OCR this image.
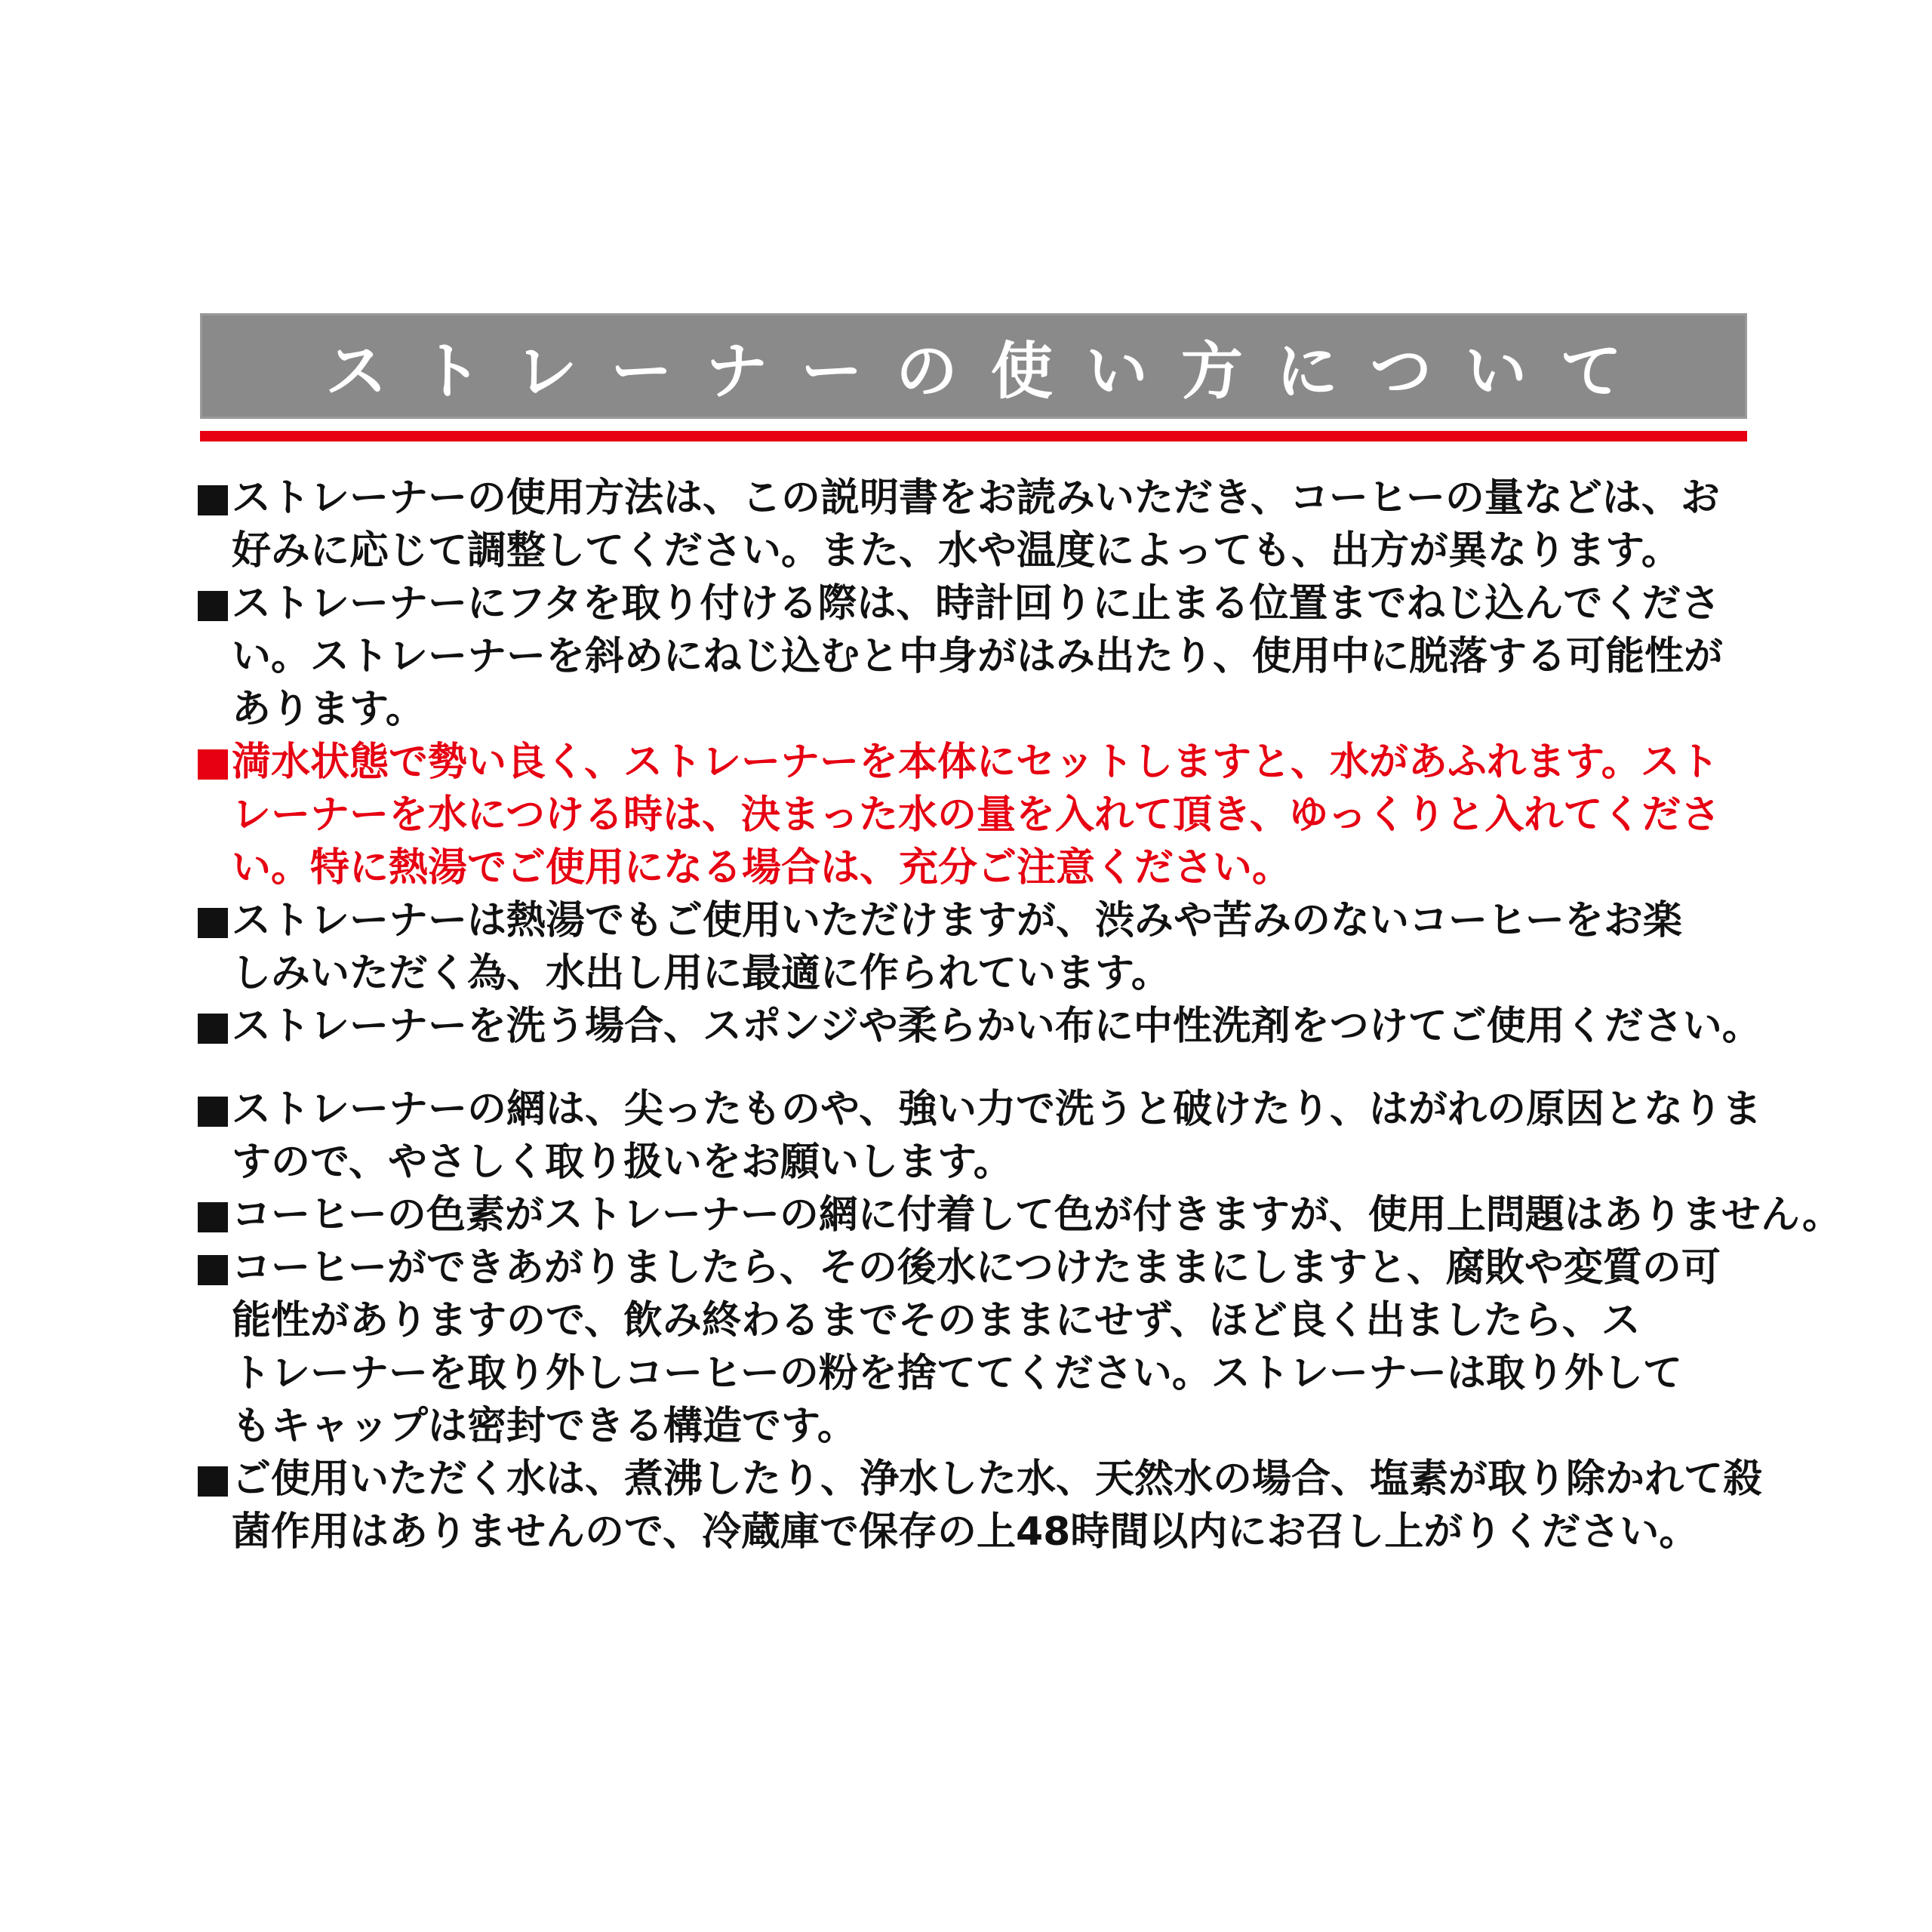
ストレーナーの使い方について
ストレーナーの使用方法は、この説明書をお読みいただき、コーヒーの量などは、お
好みに応じて調整してください。また、水や温度によっても、出方が異なります。
ストレーナーにフタを取り付ける際は、時計回りに止まる位置までねじ込んでくださ
い。ストレーナーを斜めにねじ込むと中身がはみ出たり、使用中に脱落する可能性が
あります。
満水状態で勢い良く、ストレーナーを本体にセットしますと、水があふれます。スト
レーナーを水につける時は、決まった水の量を入れて頂き、ゆっくりと入れてくださ
い。特に熱湯でご使用になる場合は、充分ご注意ください。
ストレーナーは熱湯でもご使用いただけますが、渋みや苦みのないコーヒーをお楽
しみいただく為、水出し用に最適に作られています。
ストレーナーを洗う場合、スポンジや柔らかい布に中性洗剤をつけてご使用ください。
ストレーナーの網は、尖ったものや、強い力で洗うと破けたり、はがれの原因となりま
すので、やさしく取り扱いをお願いします。
コーヒーの色素がストレーナーの網に付着して色が付きますが、使用上問題はありません。
コーヒーができあがりましたら、その後水につけたままにしますと、腐敗や変質の可
能性がありますので、飲み終わるまでそのままにせず、ほど良く出ましたら、ス
トレーナーを取り外しコーヒーの粉を捨ててください。ストレーナーは取り外して
もキャップは密封できる構造です。
ご使用いただく水は、煮沸したり、浄水した水、天然水の場合、塩素が取り除かれて殺
菌作用はありませんので、冷蔵庫で保存の上48時間以内にお召し上がりください。
